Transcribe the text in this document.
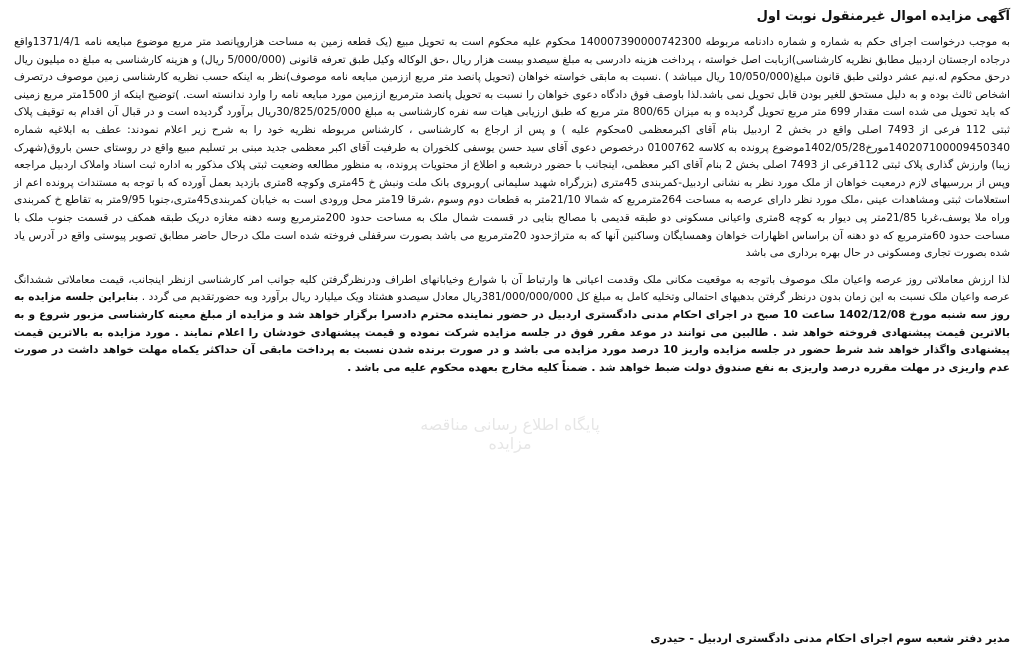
آگهی مزایده اموال غیرمنقول نوبت اول

به موجب درخواست اجرای حکم به شماره و شماره دادنامه مربوطه 140007390000742300 محکوم علیه محکوم است به تحویل مبیع (یک قطعه زمین به مساحت هزاروپانصد متر مربع موضوع مبایعه نامه 1371/4/1واقع درجاده ارجستان اردبیل مطابق نظریه کارشناسی)ازبابت اصل خواسته ، پرداخت هزینه دادرسی به مبلغ سیصدو بیست هزار ریال ،حق الوکاله وکیل طبق تعرفه قانونی (5/000/000 ریال) و هزینه کارشناسی به مبلغ ده میلیون ریال درحق محکوم له.نیم عشر دولتی طبق قانون مبلغ(10/050/000 ریال میباشد ) .نسبت به مابقی خواسته خواهان (تحویل پانصد متر مربع اززمین مبایعه نامه موصوف)نظر به اینکه حسب نظریه کارشناسی زمین موصوف درتصرف اشخاص ثالث بوده و به دلیل مستحق للغیر بودن قابل تحویل نمی باشد.لذا باوصف فوق دادگاه دعوی خواهان را نسبت به تحویل پانصد مترمربع اززمین مورد مبایعه نامه را وارد ندانسته است. )توضیح اینکه از 1500متر مربع زمینی که باید تحویل می شده است مقدار 699 متر مربع تحویل گردیده و به میزان 800/65 متر مربع که طبق ارزیابی هیات سه نفره کارشناسی به مبلغ 30/825/025/000ریال برآورد گردیده است و در قبال آن اقدام به توقیف پلاک ثبتی 112 فرعی از 7493 اصلی واقع در بخش 2 اردبیل بنام آقای اکبرمعظمی 0محکوم علیه ) و پس از ارجاع به کارشناسی ، کارشناس مربوطه نظریه خود را به شرح زیر اعلام نمودند: عطف به ابلاغیه شماره 140207100009450340مورخ1402/05/28موضوع پرونده به کلاسه 0100762 درخصوص دعوی آقای سید حسن یوسفی کلخوران به طرفیت آقای اکبر معظمی جدید مبنی بر تسلیم مبیع واقع در روستای حسن باروق(شهرک زیبا) وارزش گذاری پلاک ثبتی 112فرعی از 7493 اصلی بخش 2 بنام آقای اکبر معظمی، اینجانب با حضور درشعبه و اطلاع از محتویات پرونده، به منظور مطالعه وضعیت ثبتی پلاک مذکور به اداره ثبت اسناد واملاک اردبیل مراجعه وپس از بررسیهای لازم درمعیت خواهان از ملک مورد نظر به نشانی اردبیل-کمربندی 45متری (بزرگراه شهید سلیمانی )روبروی بانک ملت ونبش خ 45متری وکوچه 8متری بازدید بعمل آورده که با توجه به مستندات پرونده اعم از استعلامات ثبتی ومشاهدات عینی ،ملک مورد نظر دارای عرصه به مساحت 264مترمربع که شمالا 21/10متر به قطعات دوم وسوم ،شرقا 19متر محل ورودی است به خیابان کمربندی45متری،جنوبا 9/95متر به تقاطع خ کمربندی وراه ملا یوسف،غربا 21/85متر پی دیوار به کوچه 8متری واعیانی مسکونی دو طبقه قدیمی با مصالح بنایی در قسمت شمال ملک به مساحت حدود 200مترمربع وسه دهنه مغازه دریک طبقه همکف در قسمت جنوب ملک با مساحت حدود 60مترمربع که دو دهنه آن براساس اظهارات خواهان وهمسایگان وساکنین آنها که به متراژحدود 20مترمربع می باشد بصورت سرقفلی فروخته شده است ملک درحال حاضر مطابق تصویر پیوستی واقع در آدرس یاد شده بصورت تجاری ومسکونی در حال بهره برداری می باشد

لذا ارزش معاملاتی روز عرصه واعیان ملک موصوف باتوجه به موقعیت مکانی ملک وقدمت اعیانی ها وارتباط آن با شوارع وخیابانهای اطراف ودرنظرگرفتن کلیه جوانب امر کارشناسی ازنظر اینجانب، قیمت معاملاتی ششدانگ عرصه واعیان ملک نسبت به این زمان بدون درنظر گرفتن بدهیهای احتمالی وتخلیه کامل به مبلغ کل 381/000/000/000ریال معادل سیصدو هشتاد ویک میلیارد ریال برآورد وبه حضورتقدیم می گردد . بنابراین جلسه مزایده به روز سه شنبه مورخ 1402/12/08 ساعت 10 صبح در اجرای احکام مدنی دادگستری اردبیل در حضور نماینده محترم دادسرا برگزار خواهد شد و مزایده از مبلغ معینه کارشناسی مزبور شروع و به بالاترین قیمت پیشنهادی فروخته خواهد شد . طالبین می توانند در موعد مقرر فوق در جلسه مزایده شرکت نموده و قیمت پیشنهادی خودشان را اعلام نمایند . مورد مزایده به بالاترین قیمت پیشنهادی واگذار خواهد شد شرط حضور در جلسه مزایده واریز 10 درصد مورد مزایده می باشد و در صورت برنده شدن نسبت به پرداخت مابقی آن حداکثر یکماه مهلت خواهد داشت در صورت عدم واریزی در مهلت مقرره درصد واریزی به نفع صندوق دولت ضبط خواهد شد . ضمناً کلیه مخارج بعهده محکوم علیه می باشد .

پایگاه اطلاع رسانی مناقصه مزایده
مدیر دفتر شعبه سوم اجرای احکام مدنی دادگستری اردبیل - حیدری
